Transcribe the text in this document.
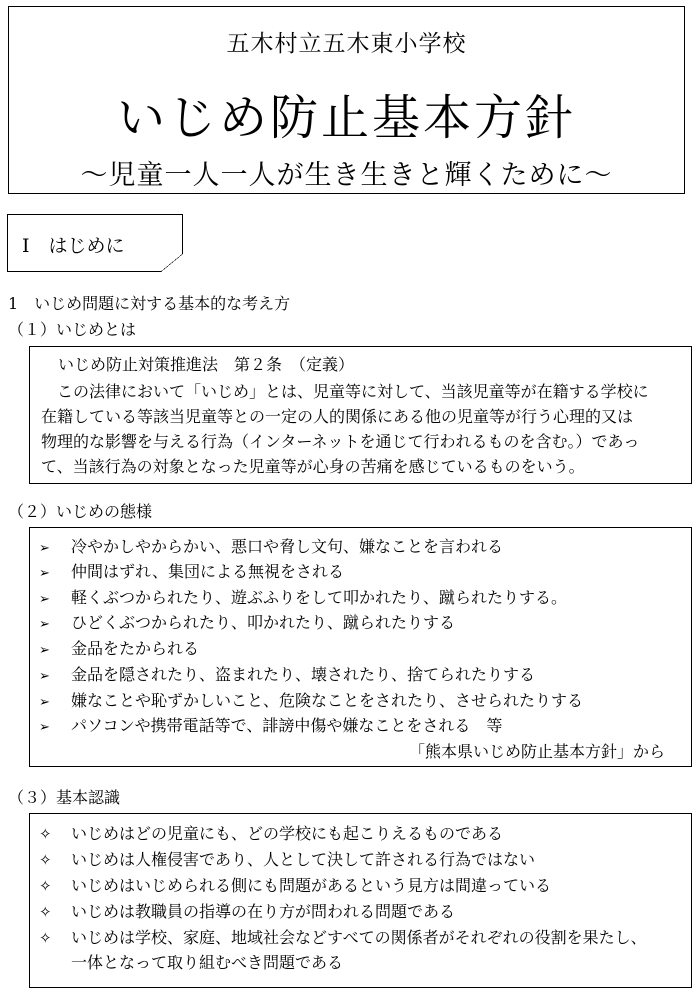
五木村立五木東小学校
いじめ防止基本方針
〜児童一人一人が生き生きと輝くために〜
Ⅰ　はじめに
1　いじめ問題に対する基本的な考え方
（１）いじめとは
いじめ防止対策推進法　第２条　（定義）
　この法律において「いじめ」とは、児童等に対して、当該児童等が在籍する学校に
在籍している等該当児童等との一定の人的関係にある他の児童等が行う心理的又は
物理的な影響を与える行為（インターネットを通じて行われるものを含む。）であっ
て、当該行為の対象となった児童等が心身の苦痛を感じているものをいう。
（２）いじめの態様
➢ 冷やかしやからかい、悪口や脅し文句、嫌なことを言われる
➢ 仲間はずれ、集団による無視をされる
➢ 軽くぶつかられたり、遊ぶふりをして叩かれたり、蹴られたりする。
➢ ひどくぶつかられたり、叩かれたり、蹴られたりする
➢ 金品をたかられる
➢ 金品を隠されたり、盗まれたり、壊されたり、捨てられたりする
➢ 嫌なことや恥ずかしいこと、危険なことをされたり、させられたりする
➢ パソコンや携帯電話等で、誹謗中傷や嫌なことをされる　等
「熊本県いじめ防止基本方針」から
（３）基本認識
✧ いじめはどの児童にも、どの学校にも起こりえるものである
✧ いじめは人権侵害であり、人として決して許される行為ではない
✧ いじめはいじめられる側にも問題があるという見方は間違っている
✧ いじめは教職員の指導の在り方が問われる問題である
✧ いじめは学校、家庭、地域社会などすべての関係者がそれぞれの役割を果たし、
一体となって取り組むべき問題である
